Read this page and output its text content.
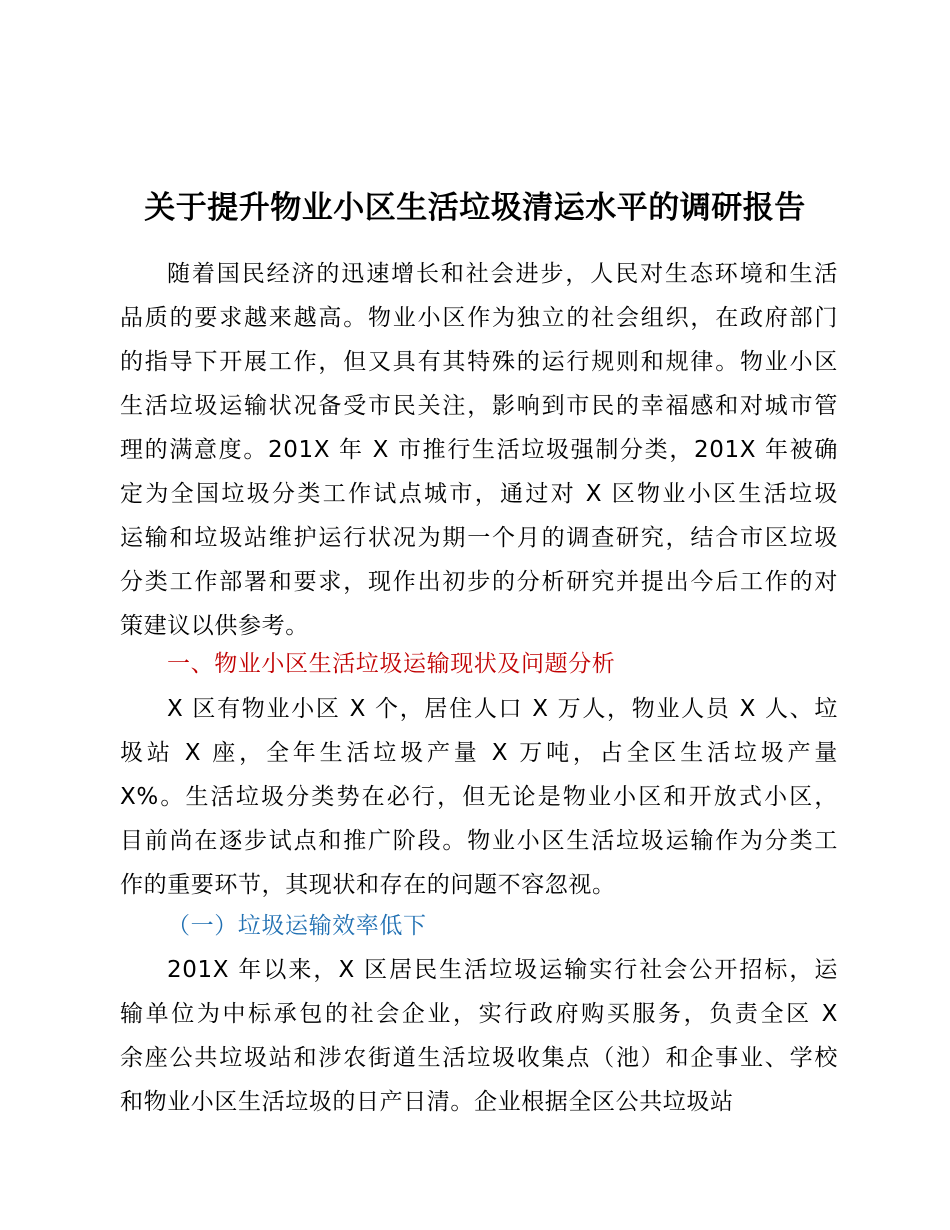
关于提升物业小区生活垃圾清运水平的调研报告
随着国民经济的迅速增长和社会进步，人民对生态环境和生活
品质的要求越来越高。物业小区作为独立的社会组织，在政府部门
的指导下开展工作，但又具有其特殊的运行规则和规律。物业小区
生活垃圾运输状况备受市民关注，影响到市民的幸福感和对城市管
理的满意度。201X 年 X 市推行生活垃圾强制分类，201X 年被确
定为全国垃圾分类工作试点城市，通过对 X 区物业小区生活垃圾
运输和垃圾站维护运行状况为期一个月的调查研究，结合市区垃圾
分类工作部署和要求，现作出初步的分析研究并提出今后工作的对
策建议以供参考。
一、物业小区生活垃圾运输现状及问题分析
X 区有物业小区 X 个，居住人口 X 万人，物业人员 X 人、垃
圾站 X 座，全年生活垃圾产量 X 万吨，占全区生活垃圾产量
X%。生活垃圾分类势在必行，但无论是物业小区和开放式小区，
目前尚在逐步试点和推广阶段。物业小区生活垃圾运输作为分类工
作的重要环节，其现状和存在的问题不容忽视。
（一）垃圾运输效率低下
201X 年以来，X 区居民生活垃圾运输实行社会公开招标，运
输单位为中标承包的社会企业，实行政府购买服务，负责全区 X
余座公共垃圾站和涉农街道生活垃圾收集点（池）和企事业、学校
和物业小区生活垃圾的日产日清。企业根据全区公共垃圾站
